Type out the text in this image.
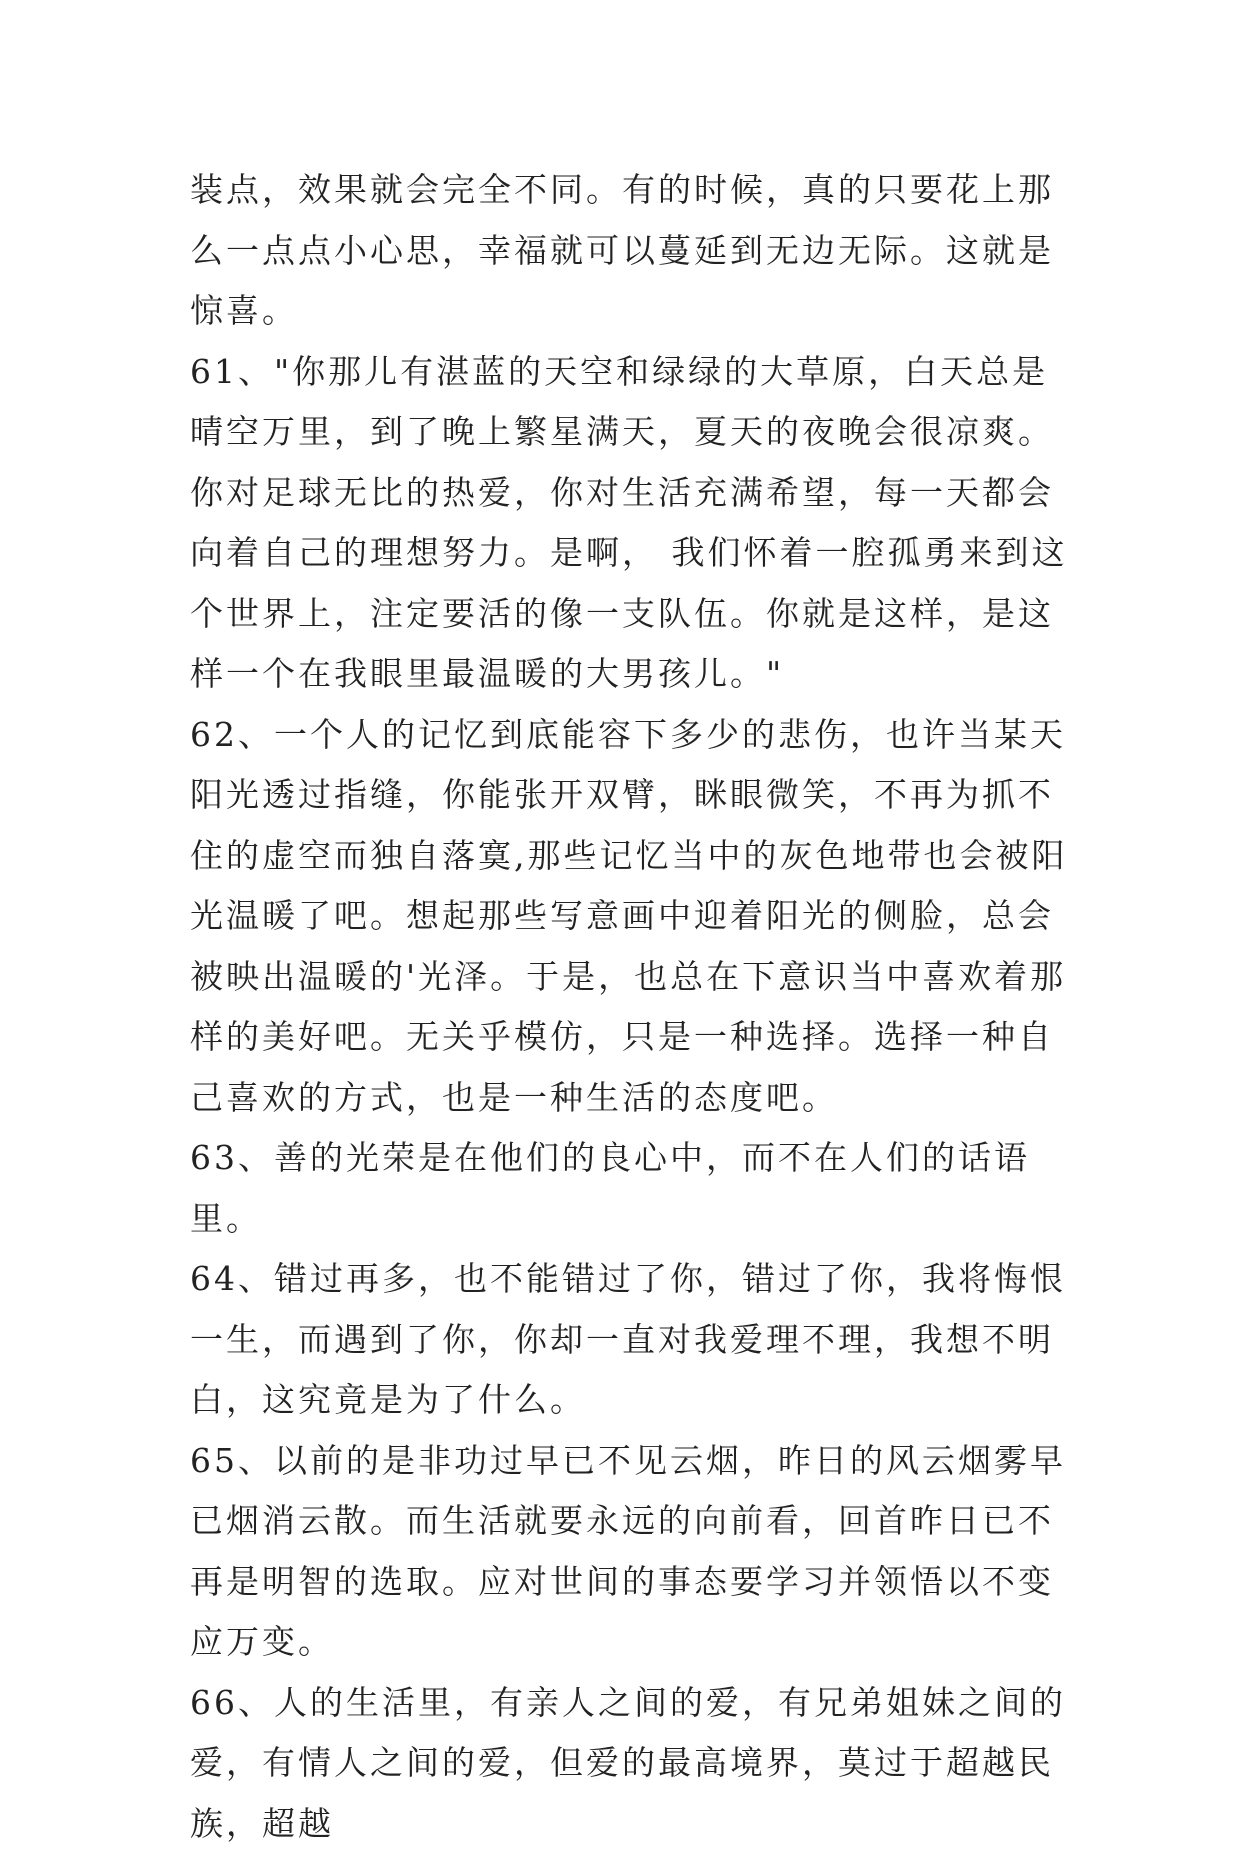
装点，效果就会完全不同。有的时候，真的只要花上那么一点点小心思，幸福就可以蔓延到无边无际。这就是惊喜。

61、"你那儿有湛蓝的天空和绿绿的大草原，白天总是晴空万里，到了晚上繁星满天，夏天的夜晚会很凉爽。 你对足球无比的热爱，你对生活充满希望，每一天都会向着自己的理想努力。是啊， 我们怀着一腔孤勇来到这个世界上，注定要活的像一支队伍。你就是这样，是这样一个在我眼里最温暖的大男孩儿。"

62、一个人的记忆到底能容下多少的悲伤，也许当某天阳光透过指缝，你能张开双臂，眯眼微笑，不再为抓不住的虚空而独自落寞,那些记忆当中的灰色地带也会被阳光温暖了吧。想起那些写意画中迎着阳光的侧脸，总会被映出温暖的'光泽。于是，也总在下意识当中喜欢着那样的美好吧。无关乎模仿，只是一种选择。选择一种自己喜欢的方式，也是一种生活的态度吧。

63、善的光荣是在他们的良心中，而不在人们的话语里。

64、错过再多，也不能错过了你，错过了你，我将悔恨一生，而遇到了你，你却一直对我爱理不理，我想不明白，这究竟是为了什么。

65、以前的是非功过早已不见云烟，昨日的风云烟雾早已烟消云散。而生活就要永远的向前看，回首昨日已不再是明智的选取。应对世间的事态要学习并领悟以不变应万变。

66、人的生活里，有亲人之间的爱，有兄弟姐妹之间的爱，有情人之间的爱，但爱的最高境界，莫过于超越民族，超越
